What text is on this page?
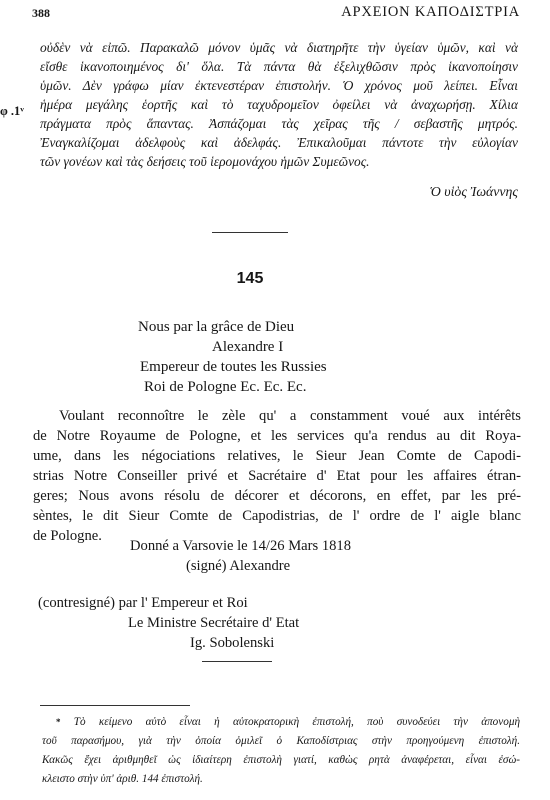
388	ΑΡΧΕΙΟΝ ΚΑΠΟΔΙΣΤΡΙΑ
φ .1ᵛ
οὐδὲν νὰ εἰπῶ. Παρακαλῶ μόνον ὑμᾶς νὰ διατηρῆτε τὴν ὑγείαν ὑμῶν, καὶ νὰ
εἴσθε ἱκανοποιημένος δι' ὅλα. Τὰ πάντα θὰ ἐξελιχθῶσιν πρὸς ἱκανοποίησιν
ὑμῶν. Δὲν γράφω μίαν ἐκτενεστέραν ἐπιστολήν. Ὁ χρόνος μοῦ λείπει. Εἶναι
ἡμέρα μεγάλης ἑορτῆς καὶ τὸ ταχυδρομεῖον ὀφείλει νὰ ἀναχωρήσῃ. Χίλια
πράγματα πρὸς ἅπαντας. Ἀσπάζομαι τὰς χεῖρας τῆς / σεβαστῆς μητρός.
Ἐναγκαλίζομαι ἀδελφοὺς καὶ ἀδελφάς. Ἐπικαλοῦμαι πάντοτε τὴν εὐλογίαν
τῶν γονέων καὶ τὰς δεήσεις τοῦ ἱερομονάχου ἡμῶν Συμεῶνος.
Ὁ υἱὸς Ἰωάννης
145
Nous par la grâce de Dieu
Alexandre I
Empereur de toutes les Russies
Roi de Pologne Ec. Ec. Ec.
Voulant reconnoître le zèle qu' a constamment voué aux intérêts
de Notre Royaume de Pologne, et les services qu'a rendus au dit Roya-
ume, dans les négociations relatives, le Sieur Jean Comte de Capodi-
strias Notre Conseiller privé et Sacrétaire d' Etat pour les affaires étran-
geres; Nous avons résolu de décorer et décorons, en effet, par les pré-
sèntes, le dit Sieur Comte de Capodistrias, de l' ordre de l' aigle blanc
de Pologne.
Donné a Varsovie le 14/26 Mars 1818
(signé) Alexandre
(contresigné) par l' Empereur et Roi
Le Ministre Secrétaire d' Etat
Ig. Sobolenski
* Τὸ κείμενο αὐτὸ εἶναι ἡ αὐτοκρατορικὴ ἐπιστολή, ποὺ συνοδεύει τὴν ἀπονομὴ
τοῦ παρασήμου, γιὰ τὴν ὁποία ὁμιλεῖ ὁ Καποδίστριας στὴν προηγούμενη ἐπιστολή.
Κακῶς ἔχει ἀριθμηθεῖ ὡς ἰδιαίτερη ἐπιστολὴ γιατί, καθὼς ρητὰ ἀναφέρεται, εἶναι ἐσώ-
κλειστο στὴν ὑπ' ἀριθ. 144 ἐπιστολή.
